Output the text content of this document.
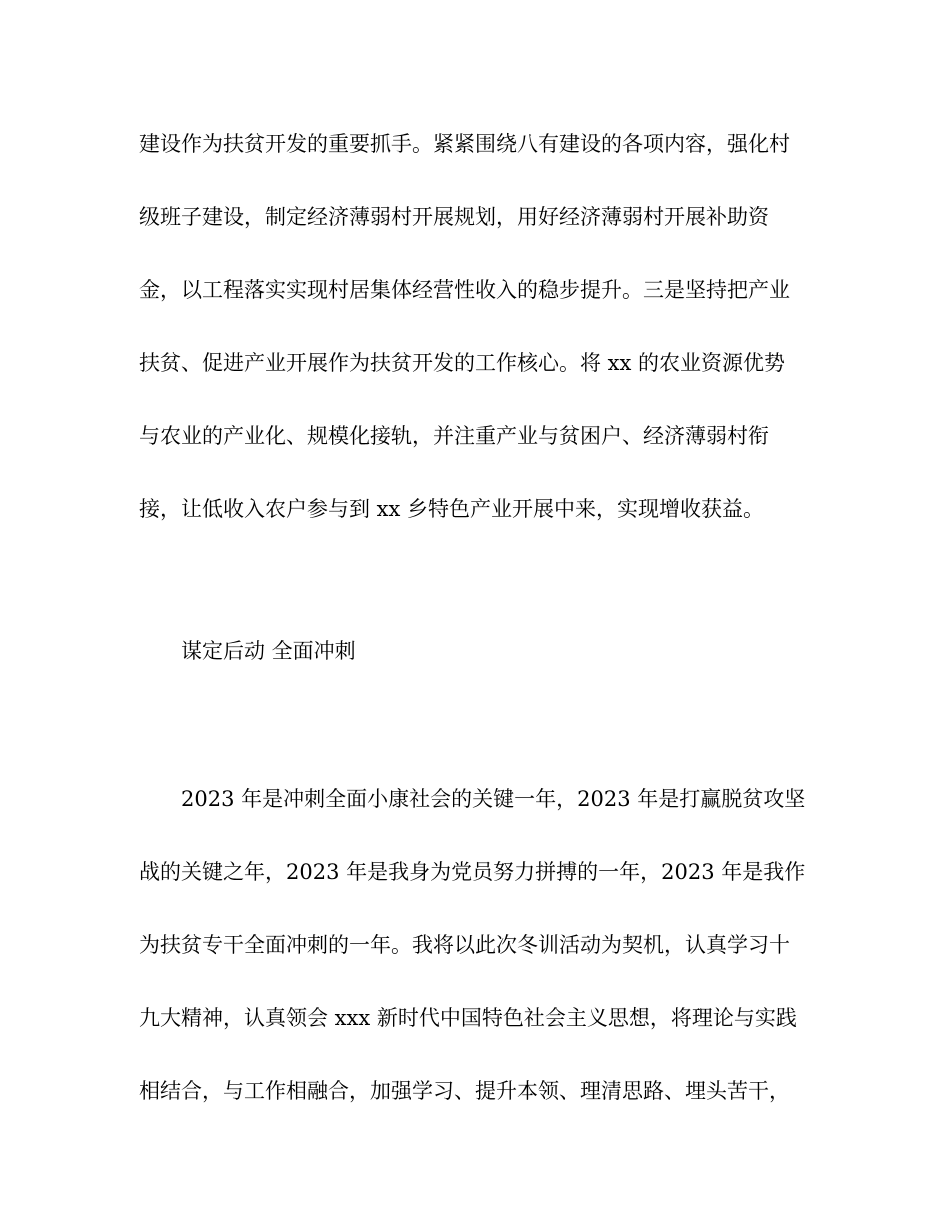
建设作为扶贫开发的重要抓手。紧紧围绕八有建设的各项内容，强化村
级班子建设，制定经济薄弱村开展规划，用好经济薄弱村开展补助资
金，以工程落实实现村居集体经营性收入的稳步提升。三是坚持把产业
扶贫、促进产业开展作为扶贫开发的工作核心。将 xx 的农业资源优势
与农业的产业化、规模化接轨，并注重产业与贫困户、经济薄弱村衔
接，让低收入农户参与到 xx 乡特色产业开展中来，实现增收获益。
谋定后动 全面冲刺
2023 年是冲刺全面小康社会的关键一年，2023 年是打赢脱贫攻坚
战的关键之年，2023 年是我身为党员努力拼搏的一年，2023 年是我作
为扶贫专干全面冲刺的一年。我将以此次冬训活动为契机，认真学习十
九大精神，认真领会 xxx 新时代中国特色社会主义思想，将理论与实践
相结合，与工作相融合，加强学习、提升本领、理清思路、埋头苦干，
